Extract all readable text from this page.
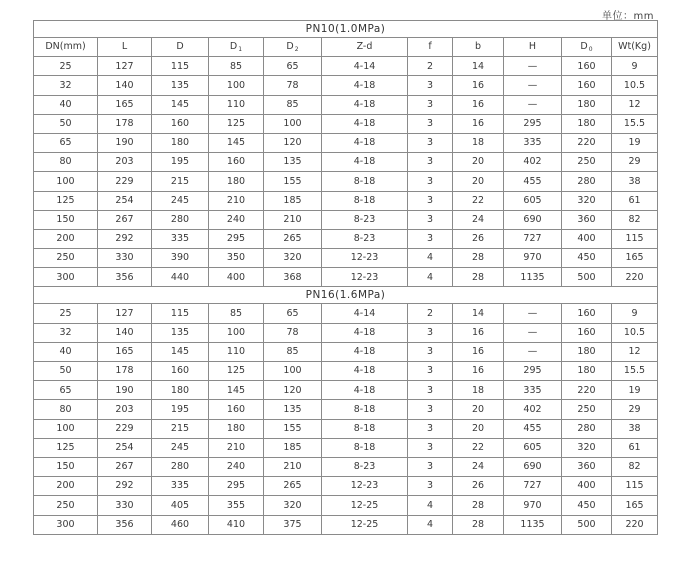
单位：mm
PN10(1.0MPa)										
DN(mm)	L	D	$D_1$	$D_2$	Z-d	f	b	H	$D_0$	Wt(Kg)
25	127	115	85	65	4-14	2	14	—	160	9
32	140	135	100	78	4-18	3	16	—	160	10.5
40	165	145	110	85	4-18	3	16	—	180	12
50	178	160	125	100	4-18	3	16	295	180	15.5
65	190	180	145	120	4-18	3	18	335	220	19
80	203	195	160	135	4-18	3	20	402	250	29
100	229	215	180	155	8-18	3	20	455	280	38
125	254	245	210	185	8-18	3	22	605	320	61
150	267	280	240	210	8-23	3	24	690	360	82
200	292	335	295	265	8-23	3	26	727	400	115
250	330	390	350	320	12-23	4	28	970	450	165
300	356	440	400	368	12-23	4	28	1135	500	220
PN16(1.6MPa)										
25	127	115	85	65	4-14	2	14	—	160	9
32	140	135	100	78	4-18	3	16	—	160	10.5
40	165	145	110	85	4-18	3	16	—	180	12
50	178	160	125	100	4-18	3	16	295	180	15.5
65	190	180	145	120	4-18	3	18	335	220	19
80	203	195	160	135	8-18	3	20	402	250	29
100	229	215	180	155	8-18	3	20	455	280	38
125	254	245	210	185	8-18	3	22	605	320	61
150	267	280	240	210	8-23	3	24	690	360	82
200	292	335	295	265	12-23	3	26	727	400	115
250	330	405	355	320	12-25	4	28	970	450	165
300	356	460	410	375	12-25	4	28	1135	500	220
